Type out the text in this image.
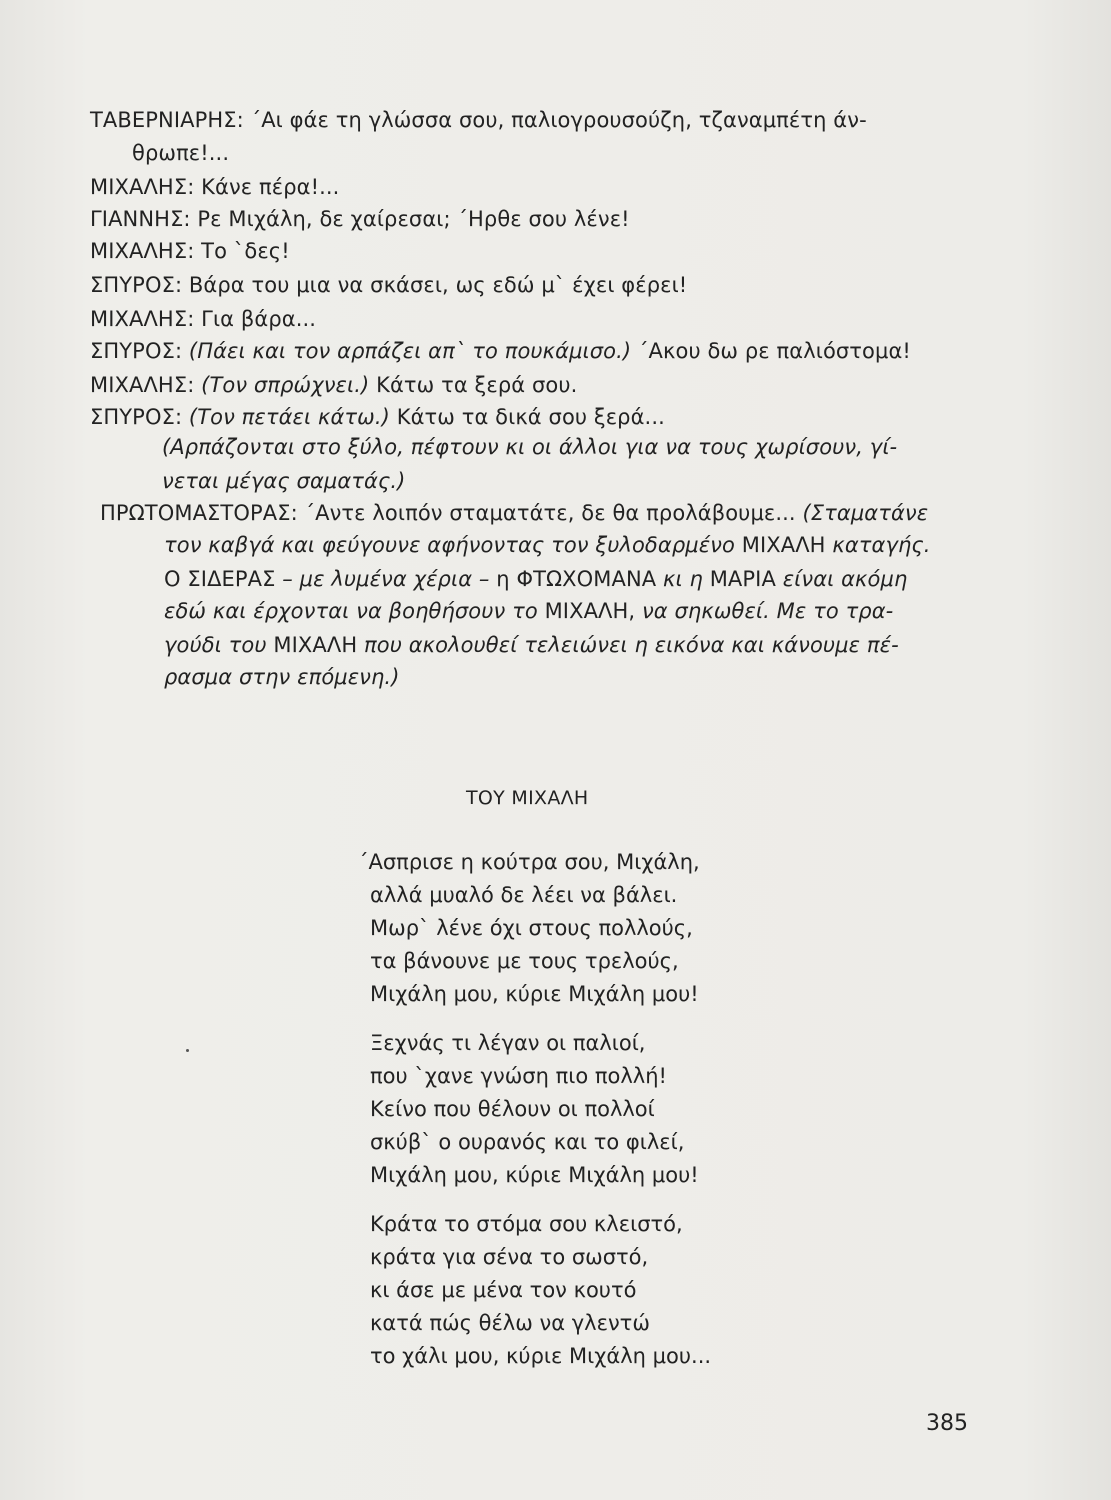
ΤΑΒΕΡΝΙΑΡΗΣ: ΄Αι φάε τη γλώσσα σου, παλιογρουσούζη, τζαναμπέτη άν-
θρωπε!...
ΜΙΧΑΛΗΣ: Κάνε πέρα!...
ΓΙΑΝΝΗΣ: Ρε Μιχάλη, δε χαίρεσαι; ΄Ηρθε σου λένε!
ΜΙΧΑΛΗΣ: Το `δες!
ΣΠΥΡΟΣ: Βάρα του μια να σκάσει, ως εδώ μ` έχει φέρει!
ΜΙΧΑΛΗΣ: Για βάρα...
ΣΠΥΡΟΣ: (Πάει και τον αρπάζει απ` το πουκάμισο.) ΄Ακου δω ρε παλιόστομα!
ΜΙΧΑΛΗΣ: (Τον σπρώχνει.) Κάτω τα ξερά σου.
ΣΠΥΡΟΣ: (Τον πετάει κάτω.) Κάτω τα δικά σου ξερά...
(Αρπάζονται στο ξύλο, πέφτουν κι οι άλλοι για να τους χωρίσουν, γί-
νεται μέγας σαματάς.)
ΠΡΩΤΟΜΑΣΤΟΡΑΣ: ΄Αντε λοιπόν σταματάτε, δε θα προλάβουμε... (Σταματάνε
τον καβγά και φεύγουνε αφήνοντας τον ξυλοδαρμένο ΜΙΧΑΛΗ καταγής.
Ο ΣΙΔΕΡΑΣ – με λυμένα χέρια – η ΦΤΩΧΟΜΑΝΑ κι η ΜΑΡΙΑ είναι ακόμη
εδώ και έρχονται να βοηθήσουν το ΜΙΧΑΛΗ, να σηκωθεί. Με το τρα-
γούδι του ΜΙΧΑΛΗ που ακολουθεί τελειώνει η εικόνα και κάνουμε πέ-
ρασμα στην επόμενη.)
ΤΟΥ ΜΙΧΑΛΗ
΄Ασπρισε η κούτρα σου, Μιχάλη,
αλλά μυαλό δε λέει να βάλει.
Μωρ` λένε όχι στους πολλούς,
τα βάνουνε με τους τρελούς,
Μιχάλη μου, κύριε Μιχάλη μου!
Ξεχνάς τι λέγαν οι παλιοί,
που `χανε γνώση πιο πολλή!
Κείνο που θέλουν οι πολλοί
σκύβ` ο ουρανός και το φιλεί,
Μιχάλη μου, κύριε Μιχάλη μου!
Κράτα το στόμα σου κλειστό,
κράτα για σένα το σωστό,
κι άσε με μένα τον κουτό
κατά πώς θέλω να γλεντώ
το χάλι μου, κύριε Μιχάλη μου...
385
